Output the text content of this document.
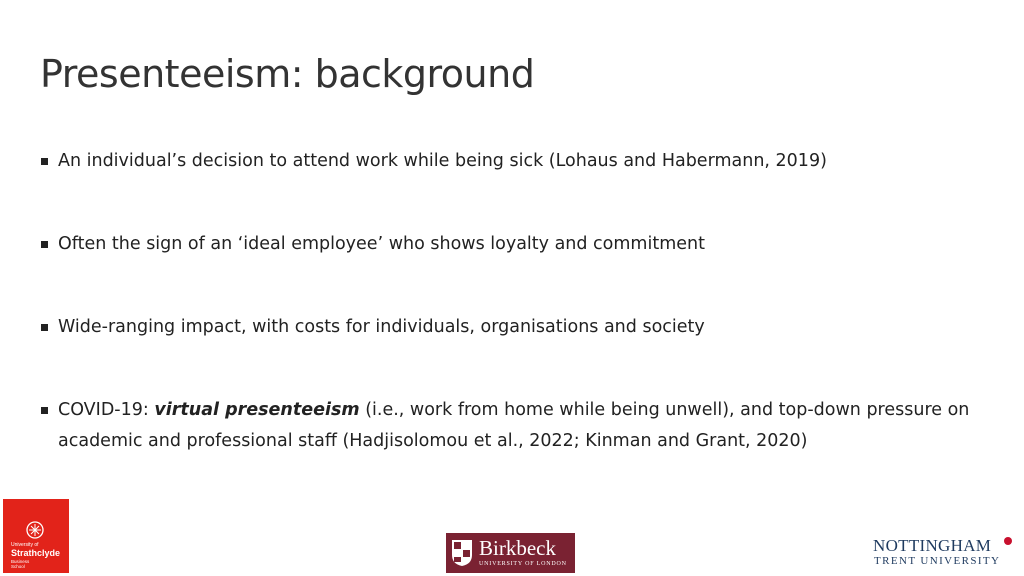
Presenteeism: background
An individual’s decision to attend work while being sick (Lohaus and Habermann, 2019)
Often the sign of an ‘ideal employee’ who shows loyalty and commitment
Wide-ranging impact, with costs for individuals, organisations and society
COVID-19: virtual presenteeism (i.e., work from home while being unwell), and top-down pressure on academic and professional staff (Hadjisolomou et al., 2022; Kinman and Grant, 2020)
University of
Strathclyde
Business School
Birkbeck
UNIVERSITY OF LONDON
NOTTINGHAM
TRENT UNIVERSITY
